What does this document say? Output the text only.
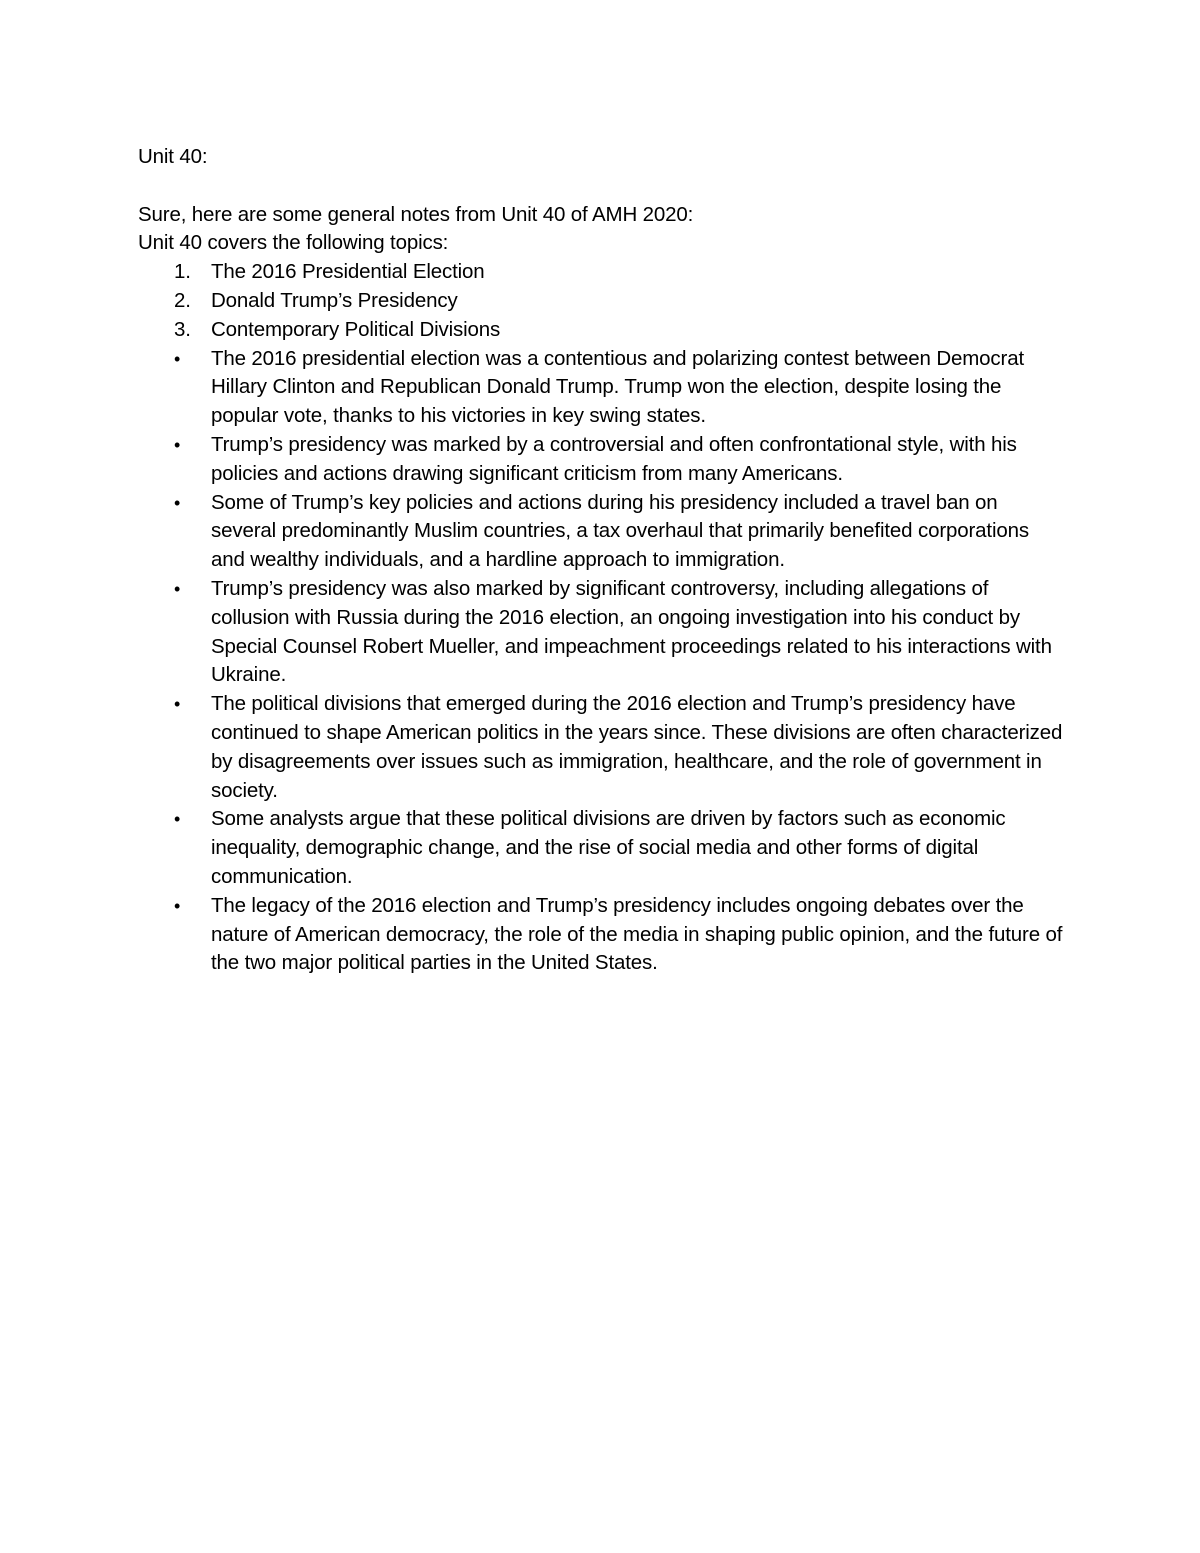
Unit 40:

Sure, here are some general notes from Unit 40 of AMH 2020:

Unit 40 covers the following topics:

1. The 2016 Presidential Election
2. Donald Trump’s Presidency
3. Contemporary Political Divisions
• The 2016 presidential election was a contentious and polarizing contest between Democrat Hillary Clinton and Republican Donald Trump. Trump won the election, despite losing the popular vote, thanks to his victories in key swing states.
• Trump’s presidency was marked by a controversial and often confrontational style, with his policies and actions drawing significant criticism from many Americans.
• Some of Trump’s key policies and actions during his presidency included a travel ban on several predominantly Muslim countries, a tax overhaul that primarily benefited corporations and wealthy individuals, and a hardline approach to immigration.
• Trump’s presidency was also marked by significant controversy, including allegations of collusion with Russia during the 2016 election, an ongoing investigation into his conduct by Special Counsel Robert Mueller, and impeachment proceedings related to his interactions with Ukraine.
• The political divisions that emerged during the 2016 election and Trump’s presidency have continued to shape American politics in the years since. These divisions are often characterized by disagreements over issues such as immigration, healthcare, and the role of government in society.
• Some analysts argue that these political divisions are driven by factors such as economic inequality, demographic change, and the rise of social media and other forms of digital communication.
• The legacy of the 2016 election and Trump’s presidency includes ongoing debates over the nature of American democracy, the role of the media in shaping public opinion, and the future of the two major political parties in the United States.
